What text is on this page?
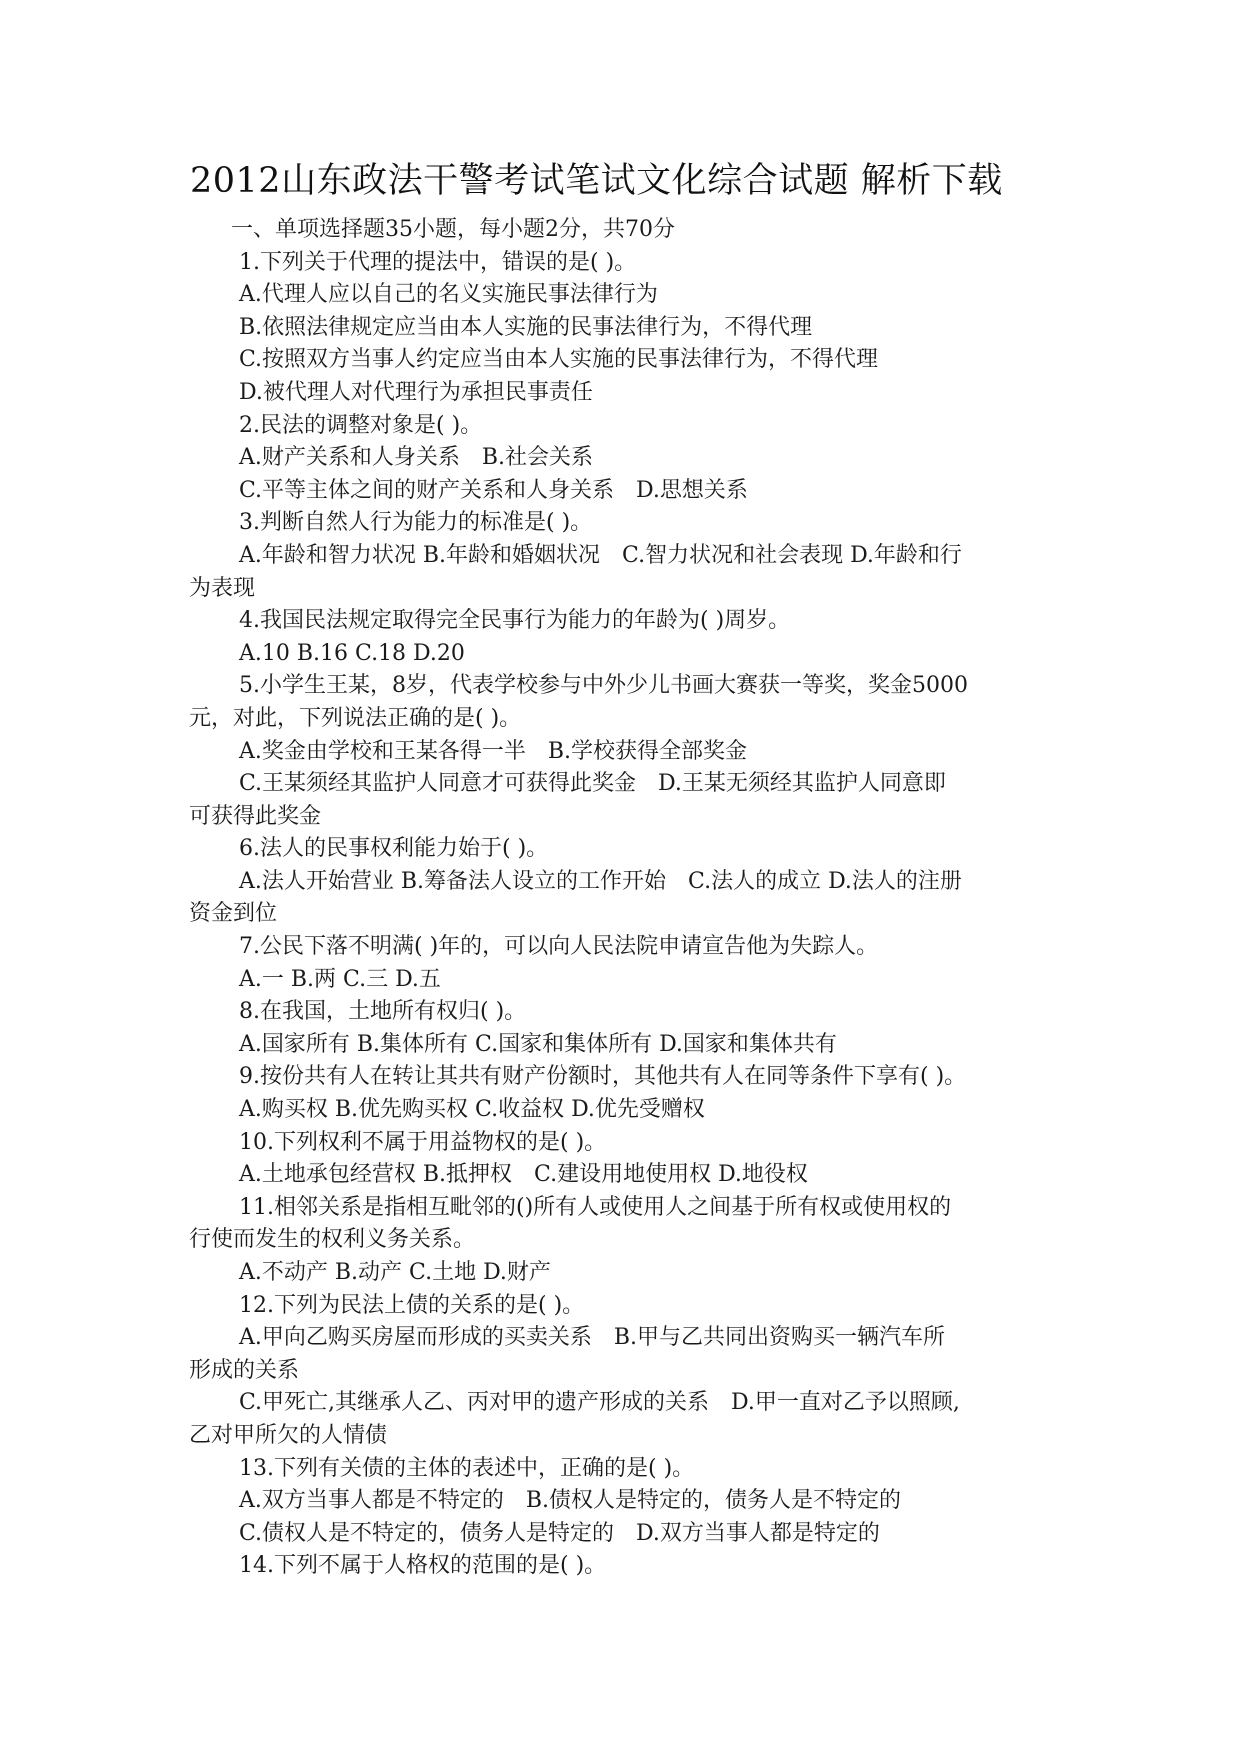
2012山东政法干警考试笔试文化综合试题 解析下载

一、单项选择题35小题，每小题2分，共70分

1.下列关于代理的提法中，错误的是( )。

A.代理人应以自己的名义实施民事法律行为

B.依照法律规定应当由本人实施的民事法律行为，不得代理

C.按照双方当事人约定应当由本人实施的民事法律行为，不得代理

D.被代理人对代理行为承担民事责任

2.民法的调整对象是( )。

A.财产关系和人身关系　B.社会关系

C.平等主体之间的财产关系和人身关系　D.思想关系

3.判断自然人行为能力的标准是( )。

A.年龄和智力状况 B.年龄和婚姻状况　C.智力状况和社会表现 D.年龄和行

为表现

4.我国民法规定取得完全民事行为能力的年龄为( )周岁。

A.10 B.16 C.18 D.20

5.小学生王某，8岁，代表学校参与中外少儿书画大赛获一等奖，奖金5000

元，对此，下列说法正确的是( )。

A.奖金由学校和王某各得一半　B.学校获得全部奖金

C.王某须经其监护人同意才可获得此奖金　D.王某无须经其监护人同意即

可获得此奖金

6.法人的民事权利能力始于( )。

A.法人开始营业 B.筹备法人设立的工作开始　C.法人的成立 D.法人的注册

资金到位

7.公民下落不明满( )年的，可以向人民法院申请宣告他为失踪人。

A.一 B.两 C.三 D.五

8.在我国，土地所有权归( )。

A.国家所有 B.集体所有 C.国家和集体所有 D.国家和集体共有

9.按份共有人在转让其共有财产份额时，其他共有人在同等条件下享有( )。

A.购买权 B.优先购买权 C.收益权 D.优先受赠权

10.下列权利不属于用益物权的是( )。

A.土地承包经营权 B.抵押权　C.建设用地使用权 D.地役权

11.相邻关系是指相互毗邻的()所有人或使用人之间基于所有权或使用权的

行使而发生的权利义务关系。

A.不动产 B.动产 C.土地 D.财产

12.下列为民法上债的关系的是( )。

A.甲向乙购买房屋而形成的买卖关系　B.甲与乙共同出资购买一辆汽车所

形成的关系

C.甲死亡,其继承人乙、丙对甲的遗产形成的关系　D.甲一直对乙予以照顾,

乙对甲所欠的人情债

13.下列有关债的主体的表述中，正确的是( )。

A.双方当事人都是不特定的　B.债权人是特定的，债务人是不特定的

C.债权人是不特定的，债务人是特定的　D.双方当事人都是特定的

14.下列不属于人格权的范围的是( )。
